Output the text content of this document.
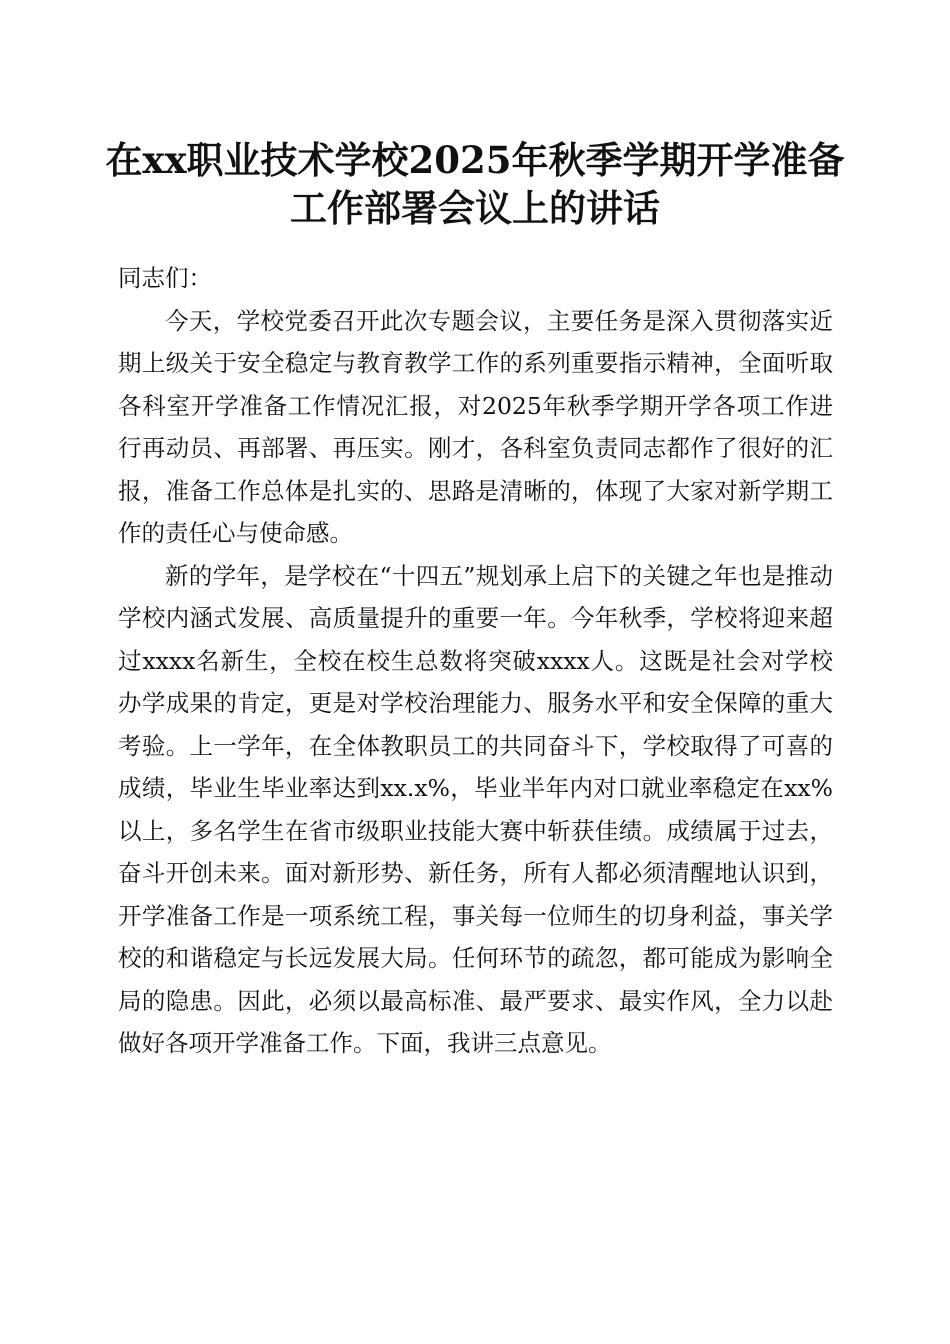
在xx职业技术学校2025年秋季学期开学准备
工作部署会议上的讲话

同志们：

今天，学校党委召开此次专题会议，主要任务是深入贯彻落实近期上级关于安全稳定与教育教学工作的系列重要指示精神，全面听取各科室开学准备工作情况汇报，对2025年秋季学期开学各项工作进行再动员、再部署、再压实。刚才，各科室负责同志都作了很好的汇报，准备工作总体是扎实的、思路是清晰的，体现了大家对新学期工作的责任心与使命感。

新的学年，是学校在“十四五”规划承上启下的关键之年也是推动学校内涵式发展、高质量提升的重要一年。今年秋季，学校将迎来超过xxxx名新生，全校在校生总数将突破xxxx人。这既是社会对学校办学成果的肯定，更是对学校治理能力、服务水平和安全保障的重大考验。上一学年，在全体教职员工的共同奋斗下，学校取得了可喜的成绩，毕业生毕业率达到xx.x%，毕业半年内对口就业率稳定在xx%以上，多名学生在省市级职业技能大赛中斩获佳绩。成绩属于过去，奋斗开创未来。面对新形势、新任务，所有人都必须清醒地认识到，开学准备工作是一项系统工程，事关每一位师生的切身利益，事关学校的和谐稳定与长远发展大局。任何环节的疏忽，都可能成为影响全局的隐患。因此，必须以最高标准、最严要求、最实作风，全力以赴做好各项开学准备工作。下面，我讲三点意见。
